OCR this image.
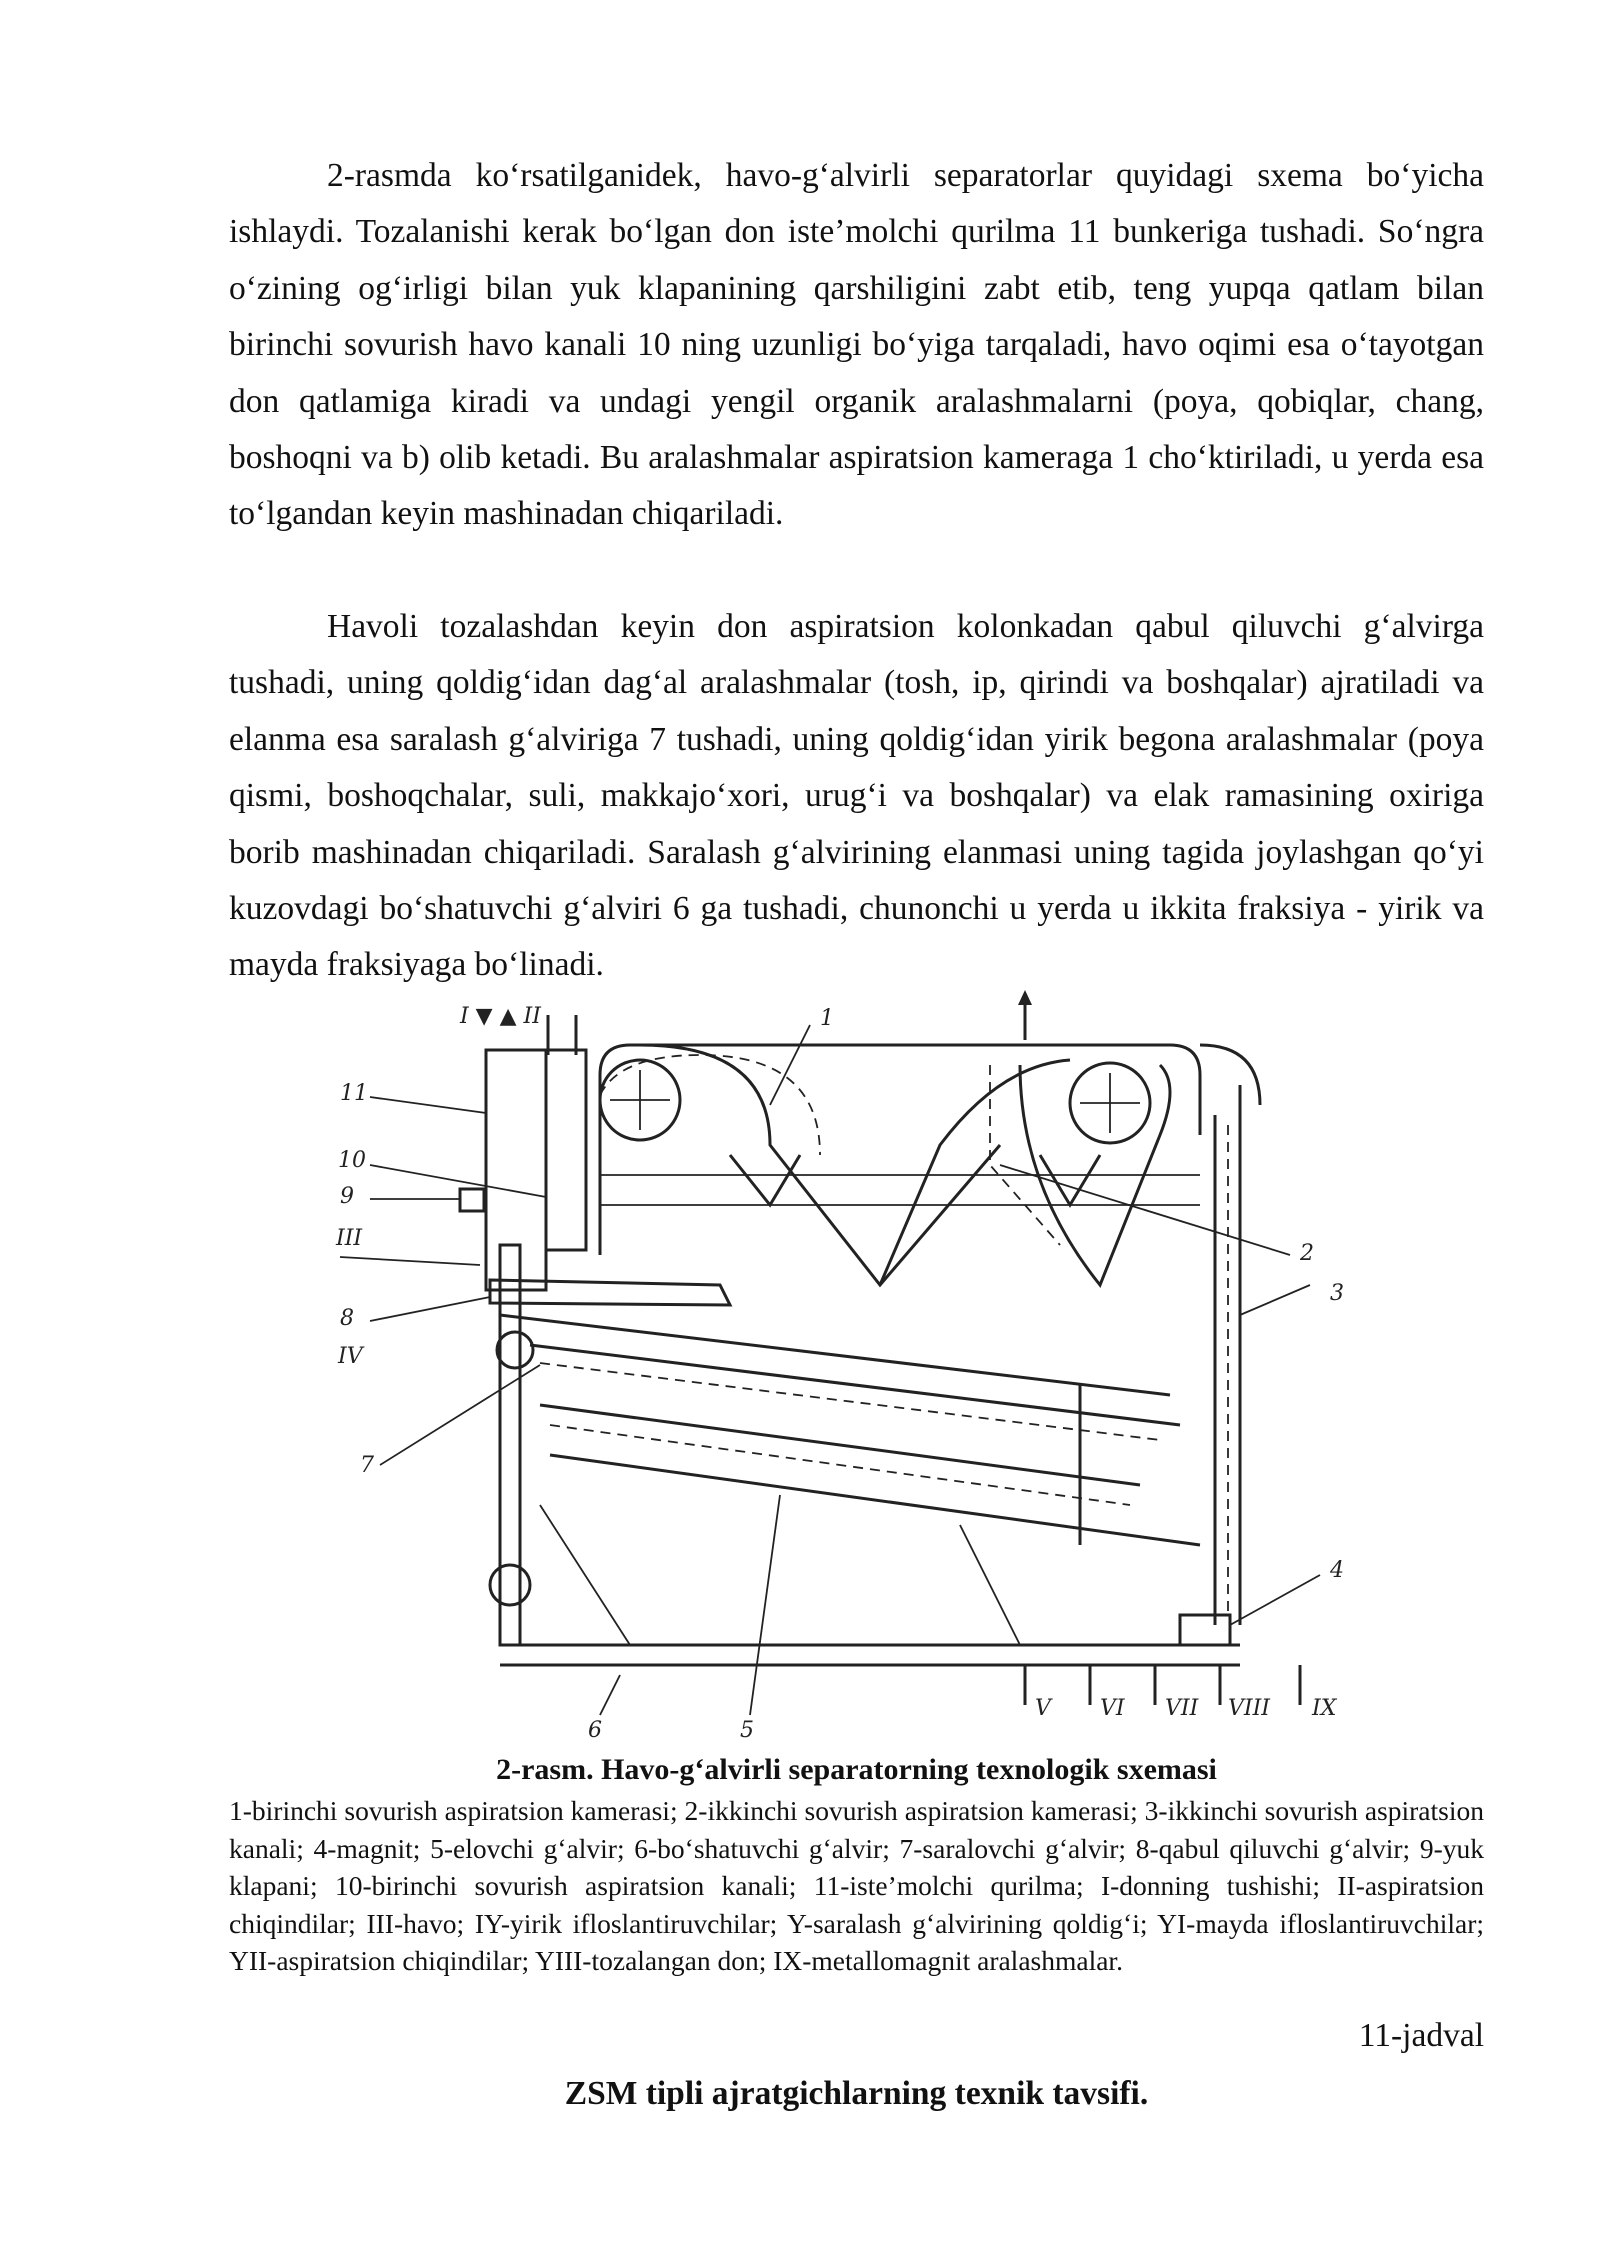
2-rasmda ko‘rsatilganidek, havo-g‘alvirli separatorlar quyidagi sxema bo‘yicha ishlaydi. Tozalanishi kerak bo‘lgan don iste’molchi qurilma 11 bunkeriga tushadi. So‘ngra o‘zining og‘irligi bilan yuk klapanining qarshiligini zabt etib, teng yupqa qatlam bilan birinchi sovurish havo kanali 10 ning uzunligi bo‘yiga tarqaladi, havo oqimi esa o‘tayotgan don qatlamiga kiradi va undagi yengil organik aralashmalarni (poya, qobiqlar, chang, boshoqni va b) olib ketadi. Bu aralashmalar aspiratsion kameraga 1 cho‘ktiriladi, u yerda esa to‘lgandan keyin mashinadan chiqariladi.

Havoli tozalashdan keyin don aspiratsion kolonkadan qabul qiluvchi g‘alvirga tushadi, uning qoldig‘idan dag‘al aralashmalar (tosh, ip, qirindi va boshqalar) ajratiladi va elanma esa saralash g‘alviriga 7 tushadi, uning qoldig‘idan yirik begona aralashmalar (poya qismi, boshoqchalar, suli, makkajo‘xori, urug‘i va boshqalar) va elak ramasining oxiriga borib mashinadan chiqariladi. Saralash g‘alvirining elanmasi uning tagida joylashgan qo‘yi kuzovdagi bo‘shatuvchi g‘alviri 6 ga tushadi, chunonchi u yerda u ikkita fraksiya - yirik va mayda fraksiyaga bo‘linadi.

I ▼ ▲ II	1
2
3
11
10
9
III
8
IV
7
4
6	5
V VI VII VIII IX

2-rasm. Havo-g‘alvirli separatorning texnologik sxemasi

1-birinchi sovurish aspiratsion kamerasi; 2-ikkinchi sovurish aspiratsion kamerasi; 3-ikkinchi sovurish aspiratsion kanali; 4-magnit; 5-elovchi g‘alvir; 6-bo‘shatuvchi g‘alvir; 7-saralovchi g‘alvir; 8-qabul qiluvchi g‘alvir; 9-yuk klapani; 10-birinchi sovurish aspiratsion kanali; 11-iste’molchi qurilma; I-donning tushishi; II-aspiratsion chiqindilar; III-havo; IY-yirik ifloslantiruvchilar; Y-saralash g‘alvirining qoldig‘i; YI-mayda ifloslantiruvchilar; YII-aspiratsion chiqindilar; YIII-tozalangan don; IX-metallomagnit aralashmalar.

11-jadval

ZSM tipli ajratgichlarning texnik tavsifi.
